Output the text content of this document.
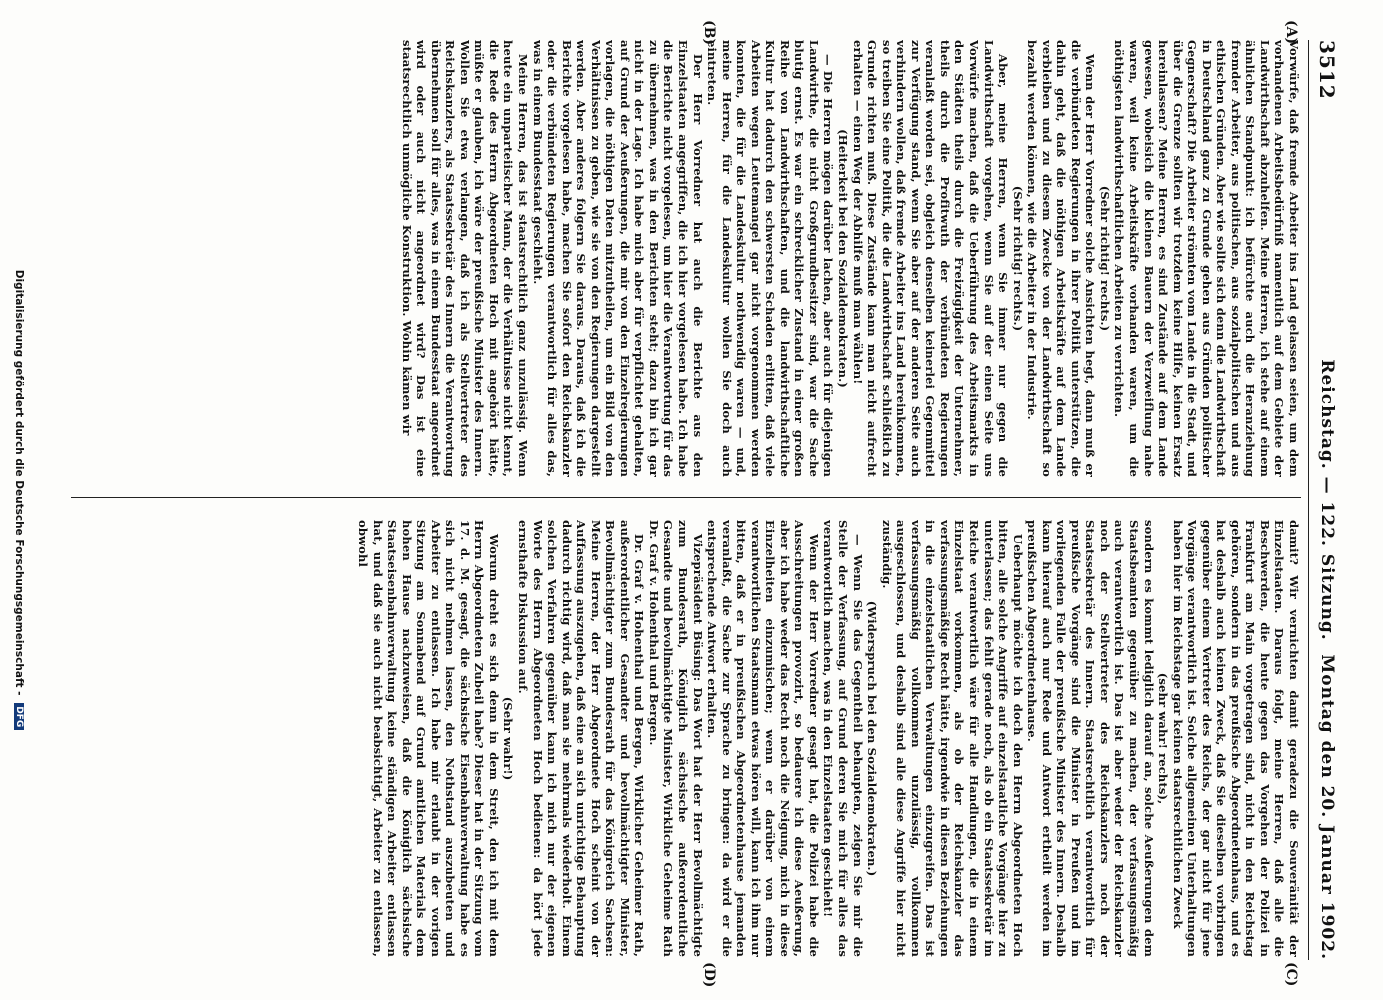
3512
Reichstag. — 122. Sitzung.
Montag den 20. Januar 1902.
(A)
(B)
(C)
(D)

Vorwürfe, daß fremde Arbeiter ins Land gelassen seien, um dem vorhandenen Arbeitsbedürfniß namentlich auf dem Gebiete der Landwirthschaft abzuhelfen. Meine Herren, ich stehe auf einem ähnlichen Standpunkt: ich befürchte auch die Heranziehung fremder Arbeiter, aus politischen, aus sozialpolitischen und aus ethischen Gründen. Aber wie sollte sich denn die Landwirthschaft in Deutschland ganz zu Grunde gehen aus Gründen politischer Gegnerschaft? Die Arbeiter strömten vom Lande in die Stadt, und über die Grenze sollten wir trotzdem keine Hilfe, keinen Ersatz hereinlassen? Meine Herren, es sind Zustände auf dem Lande gewesen, wobeisich die kleinen Bauern der Verzweiflung nahe waren, weil keine Arbeitskräfte vorhanden waren, um die nöthigsten landwirthschaftlichen Arbeiten zu verrichten.

(Sehr richtig! rechts.)

Wenn der Herr Vorredner solche Ansichten hegt, dann muß er die verbündeten Regierungen in ihrer Politik unterstützen, die dahin geht, daß die nöthigen Arbeitskräfte auf dem Lande verbleiben und zu diesem Zwecke von der Landwirthschaft so bezahlt werden können, wie die Arbeiter in der Industrie.

(Sehr richtig! rechts.)

Aber, meine Herren, wenn Sie immer nur gegen die Landwirthschaft vorgehen, wenn Sie auf der einen Seite uns Vorwürfe machen, daß die Ueberführung des Arbeitsmarkts in den Städten theils durch die Freizügigkeit der Unternehmer, theils durch die Profitwuth der verbündeten Regierungen veranlaßt worden sei, obgleich denselben keinerlei Gegenmittel zur Verfügung stand, wenn Sie aber auf der anderen Seite auch verhindern wollen, daß fremde Arbeiter ins Land hereinkommen, so treiben Sie eine Politik, die die Landwirthschaft schließlich zu Grunde richten muß. Diese Zustände kann man nicht aufrecht erhalten — einen Weg der Abhilfe muß man wählen!

(Heiterkeit bei den Sozialdemokraten.)

— Die Herren mögen darüber lachen, aber auch für diejenigen Landwirthe, die nicht Großgrundbesitzer sind, war die Sache blutig ernst. Es war ein schrecklicher Zustand in einer großen Reihe von Landwirthschaften, und die landwirthschaftliche Kultur hat dadurch den schwersten Schaden erlitten, daß viele Arbeiten wegen Leutemangel gar nicht vorgenommen werden konnten, die für die Landeskultur nothwendig waren — und, meine Herren, für die Landeskultur wollen Sie doch auch eintreten.

Der Herr Vorredner hat auch die Berichte aus den Einzelstaaten angegriffen, die ich hier vorgelesen habe. Ich habe die Berichte nicht vorgelesen, um hier die Verantwortung für das zu übernehmen, was in den Berichten steht; dazu bin ich gar nicht in der Lage. Ich habe mich aber für verpflichtet gehalten, auf Grund der Aeußerungen, die mir von den Einzelregierungen vorlagen, die nöthigen Daten mitzutheilen, um ein Bild von den Verhältnissen zu geben, wie sie von den Regierungen dargestellt werden. Aber anderes folgern Sie daraus. Daraus, daß ich die Berichte vorgelesen habe, machen Sie sofort den Reichskanzler oder die verbündeten Regierungen verantwortlich für alles das, was in einem Bundesstaat geschieht.

Meine Herren, das ist staatsrechtlich ganz unzulässig. Wenn heute ein unparteiischer Mann, der die Verhältnisse nicht kennt, die Rede des Herrn Abgeordneten Hoch mit angehört hätte, müßte er glauben, ich wäre der preußische Minister des Innern. Wollen Sie etwa verlangen, daß ich als Stellvertreter des Reichskanzlers, als Staatssekretär des Innern die Verantwortung übernehmen soll für alles, was in einem Bundesstaat angeordnet wird oder auch nicht angeordnet wird? Das ist eine staatsrechtlich unmögliche Konstruktion. Wohin kämen wir

damit? Wir vernichten damit geradezu die Souveränität der Einzelstaaten. Daraus folgt, meine Herren, daß alle die Beschwerden, die heute gegen das Vorgehen der Polizei in Frankfurt am Main vorgetragen sind, nicht in den Reichstag gehören, sondern in das preußische Abgeordnetenhaus, und es hat deshalb auch keinen Zweck, daß Sie dieselben vorbringen gegenüber einem Vertreter des Reichs, der gar nicht für jene Vorgänge verantwortlich ist. Solche allgemeinen Unterhaltungen haben hier im Reichstage gar keinen staatsrechtlichen Zweck

(sehr wahr! rechts),

sondern es kommt lediglich darauf an, solche Aeußerungen dem Staatsbeamten gegenüber zu machen, der verfassungsmäßig auch verantwortlich ist. Das ist aber weder der Reichskanzler noch der Stellvertreter des Reichskanzlers noch der Staatssekretär des Innern. Staatsrechtlich verantwortlich für preußische Vorgänge sind die Minister in Preußen und im vorliegenden Falle der preußische Minister des Innern. Deshalb kann hierauf auch nur Rede und Antwort ertheilt werden im preußischen Abgeordnetenhause.

Ueberhaupt möchte ich doch den Herrn Abgeordneten Hoch bitten, alle solche Angriffe auf einzelstaatliche Vorgänge hier zu unterlassen; das fehlt gerade noch, als ob ein Staatssekretär im Reiche verantwortlich wäre für alle Handlungen, die in einem Einzelstaat vorkommen, als ob der Reichskanzler das verfassungsmäßige Recht hätte, irgendwie in diesen Beziehungen in die einzelstaatlichen Verwaltungen einzugreifen. Das ist verfassungsmäßig vollkommen unzulässig, vollkommen ausgeschlossen, und deshalb sind alle diese Angriffe hier nicht zuständig.

(Widerspruch bei den Sozialdemokraten.)

— Wenn Sie das Gegentheil behaupten, zeigen Sie mir die Stelle der Verfassung, auf Grund deren Sie mich für alles das verantwortlich machen, was in den Einzelstaaten geschieht!

Wenn der Herr Vorredner gesagt hat, die Polizei habe die Ausschreitungen provozirt, so bedauere ich diese Aeußerung, aber ich habe weder das Recht noch die Neigung, mich in diese Einzelheiten einzumischen; wenn er darüber von einem verantwortlichen Staatsmann etwas hören will, kann ich ihm nur bitten, daß er in preußischen Abgeordnetenhause jemanden veranlaßt, die Sache zur Sprache zu bringen: da wird er die entsprechende Antwort erhalten.

Vizepräsident Büsing: Das Wort hat der Herr Bevollmächtigte zum Bundesrath, Königlich sächsische außerordentliche Gesandte und bevollmächtigte Minister, Wirkliche Geheime Rath Dr. Graf v. Hohenthal und Bergen.

Dr. Graf v. Hohenthal und Bergen, Wirklicher Geheimer Rath, außerordentlicher Gesandter und bevollmächtigter Minister, Bevollmächtigter zum Bundesrath für das Königreich Sachsen: Meine Herren, der Herr Abgeordnete Hoch scheint von der Auffassung auszugehen, daß eine an sich unrichtige Behauptung dadurch richtig wird, daß man sie mehrmals wiederholt. Einem solchen Verfahren gegenüber kann ich mich nur der eigenen Worte des Herrn Abgeordneten Hoch bedienen: da hört jede ernsthafte Diskussion auf.

(Sehr wahr!)

Worum dreht es sich denn in dem Streit, den ich mit dem Herrn Abgeordneten Zubeil habe? Dieser hat in der Sitzung vom 17. d. M. gesagt, die sächsische Eisenbahnverwaltung habe es sich nicht nehmen lassen, den Nothstand auszubeuten und Arbeiter zu entlassen. Ich habe mir erlaubt in der vorigen Sitzung am Sonnabend auf Grund amtlichen Materials dem hohen Hause nachzuweisen, daß die Königlich sächsische Staatseisenbahnverwaltung keine ständigen Arbeiter entlassen hat, und daß sie auch nicht beabsichtigt, Arbeiter zu entlassen, obwohl

Digitalisierung gefördert durch die Deutsche Forschungsgemeinschaft - DFG
